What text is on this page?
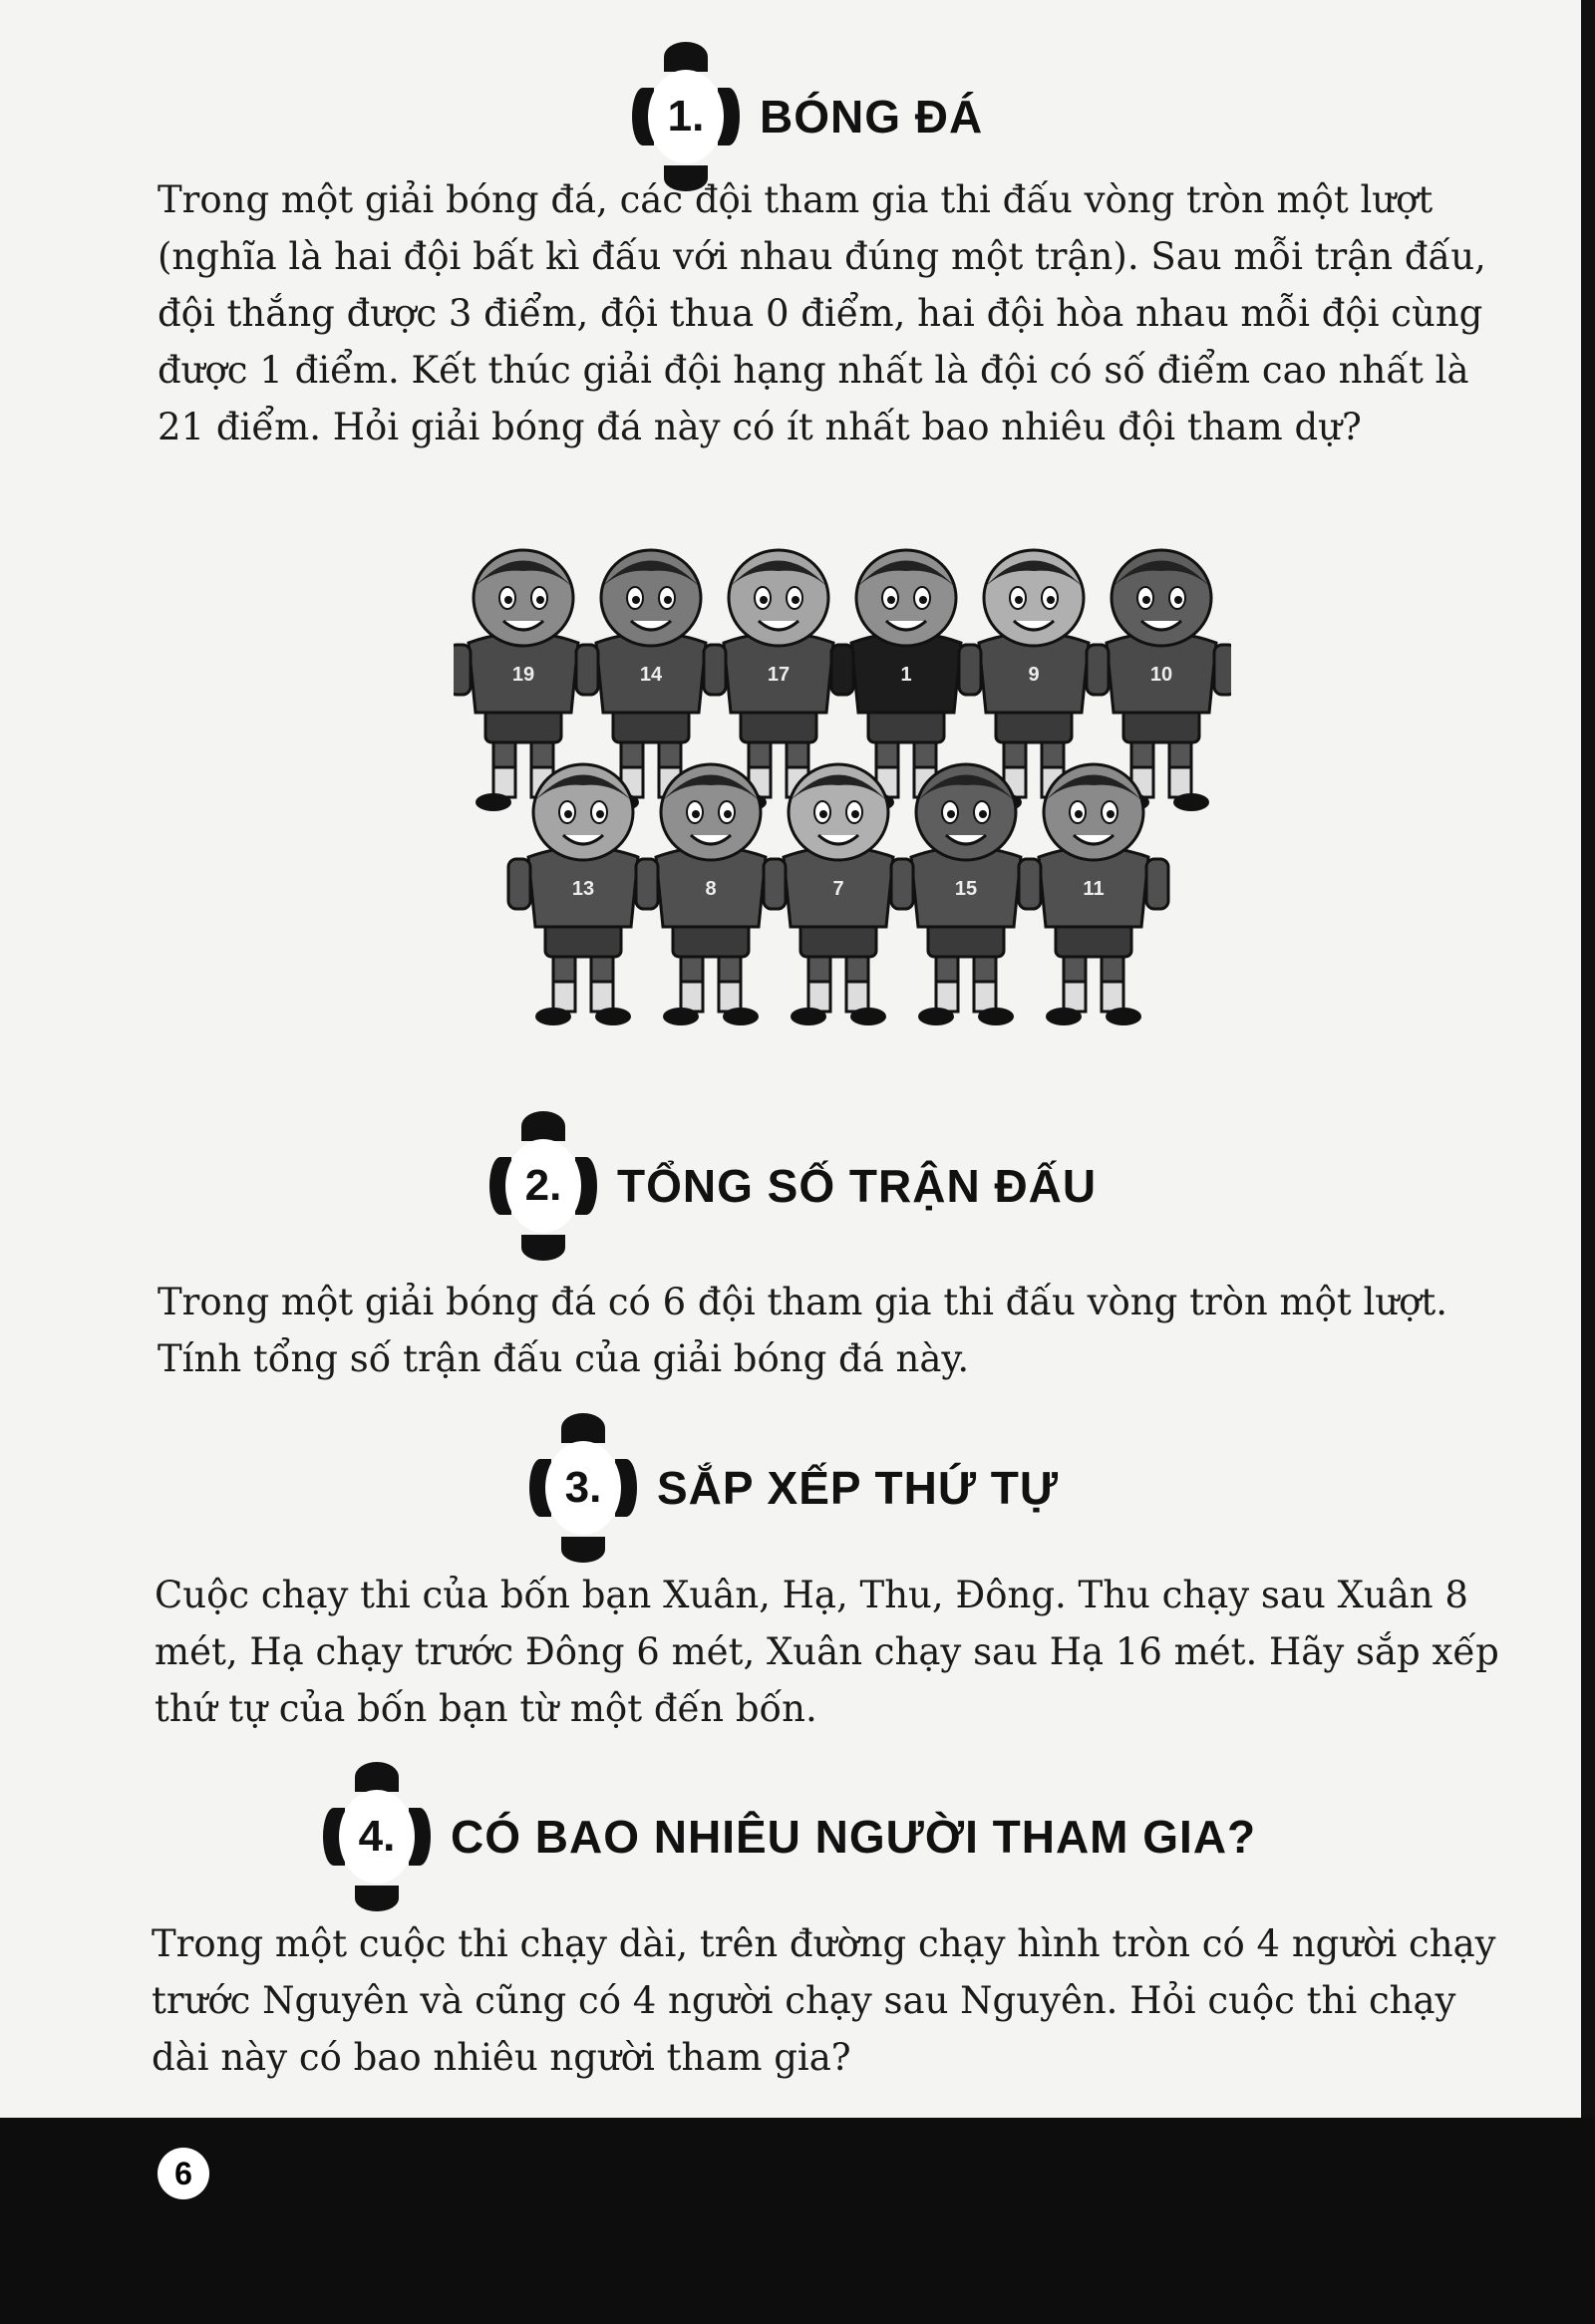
1.	BÓNG ĐÁ

Trong một giải bóng đá, các đội tham gia thi đấu vòng tròn một lượt (nghĩa là hai đội bất kì đấu với nhau đúng một trận). Sau mỗi trận đấu, đội thắng được 3 điểm, đội thua 0 điểm, hai đội hòa nhau mỗi đội cùng được 1 điểm. Kết thúc giải đội hạng nhất là đội có số điểm cao nhất là 21 điểm. Hỏi giải bóng đá này có ít nhất bao nhiêu đội tham dự?

19	14	17	1	9	10
13	8	7	15	11
2.	TỔNG SỐ TRẬN ĐẤU

Trong một giải bóng đá có 6 đội tham gia thi đấu vòng tròn một lượt. Tính tổng số trận đấu của giải bóng đá này.

3.	SẮP XẾP THỨ TỰ

Cuộc chạy thi của bốn bạn Xuân, Hạ, Thu, Đông. Thu chạy sau Xuân 8 mét, Hạ chạy trước Đông 6 mét, Xuân chạy sau Hạ 16 mét. Hãy sắp xếp thứ tự của bốn bạn từ một đến bốn.

4.	CÓ BAO NHIÊU NGƯỜI THAM GIA?

Trong một cuộc thi chạy dài, trên đường chạy hình tròn có 4 người chạy trước Nguyên và cũng có 4 người chạy sau Nguyên. Hỏi cuộc thi chạy dài này có bao nhiêu người tham gia?

6
